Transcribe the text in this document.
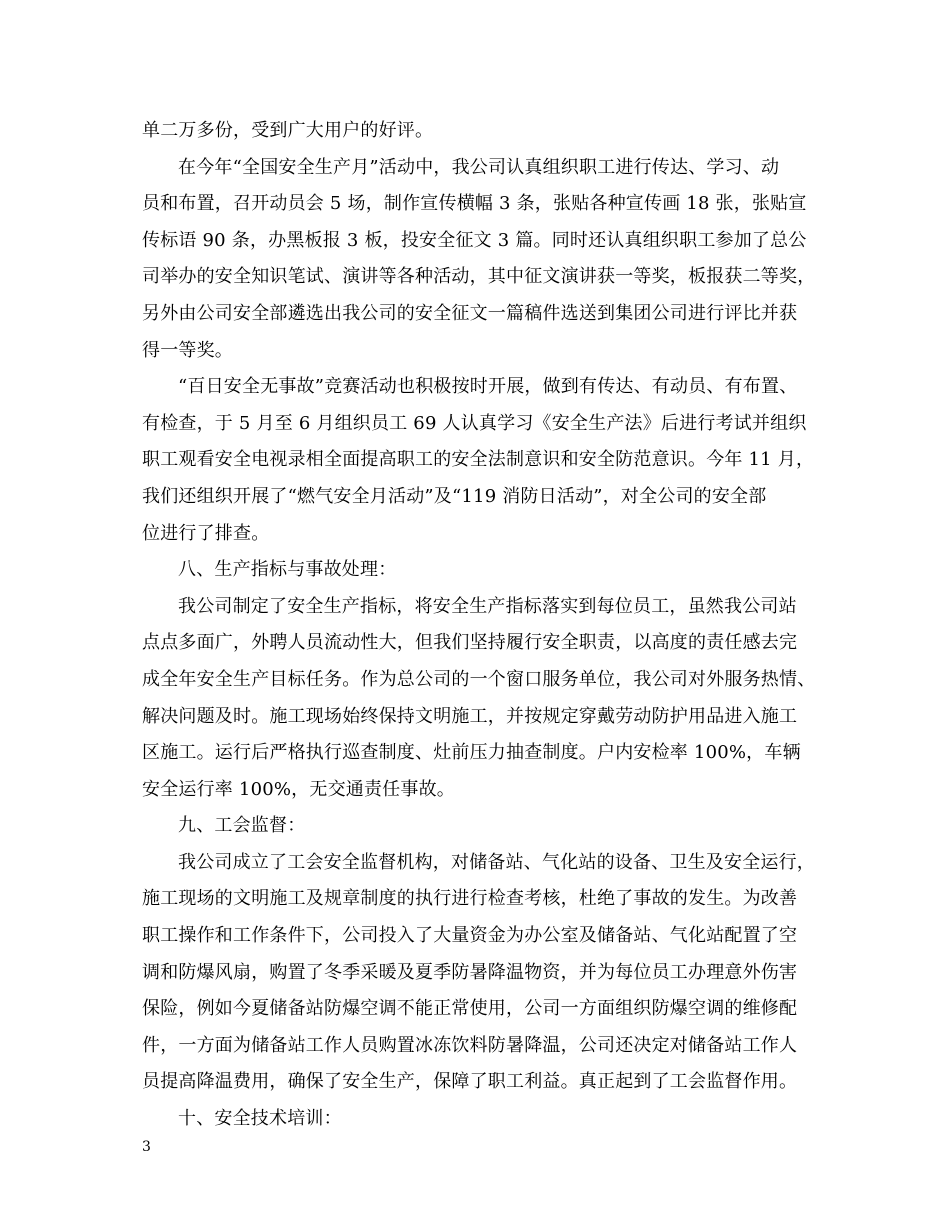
单二万多份，受到广大用户的好评。
在今年“全国安全生产月”活动中，我公司认真组织职工进行传达、学习、动
员和布置，召开动员会 5 场，制作宣传横幅 3 条，张贴各种宣传画 18 张，张贴宣
传标语 90 条，办黑板报 3 板，投安全征文 3 篇。同时还认真组织职工参加了总公
司举办的安全知识笔试、演讲等各种活动，其中征文演讲获一等奖，板报获二等奖，
另外由公司安全部遴选出我公司的安全征文一篇稿件选送到集团公司进行评比并获
得一等奖。
“百日安全无事故”竞赛活动也积极按时开展，做到有传达、有动员、有布置、
有检查，于 5 月至 6 月组织员工 69 人认真学习《安全生产法》后进行考试并组织
职工观看安全电视录相全面提高职工的安全法制意识和安全防范意识。今年 11 月，
我们还组织开展了“燃气安全月活动”及“119 消防日活动”，对全公司的安全部
位进行了排查。
八、生产指标与事故处理：
我公司制定了安全生产指标，将安全生产指标落实到每位员工，虽然我公司站
点点多面广，外聘人员流动性大，但我们坚持履行安全职责，以高度的责任感去完
成全年安全生产目标任务。作为总公司的一个窗口服务单位，我公司对外服务热情、
解决问题及时。施工现场始终保持文明施工，并按规定穿戴劳动防护用品进入施工
区施工。运行后严格执行巡查制度、灶前压力抽查制度。户内安检率 100%，车辆
安全运行率 100%，无交通责任事故。
九、工会监督：
我公司成立了工会安全监督机构，对储备站、气化站的设备、卫生及安全运行，
施工现场的文明施工及规章制度的执行进行检查考核，杜绝了事故的发生。为改善
职工操作和工作条件下，公司投入了大量资金为办公室及储备站、气化站配置了空
调和防爆风扇，购置了冬季采暖及夏季防暑降温物资，并为每位员工办理意外伤害
保险，例如今夏储备站防爆空调不能正常使用，公司一方面组织防爆空调的维修配
件，一方面为储备站工作人员购置冰冻饮料防暑降温，公司还决定对储备站工作人
员提高降温费用，确保了安全生产，保障了职工利益。真正起到了工会监督作用。
十、安全技术培训：
3
